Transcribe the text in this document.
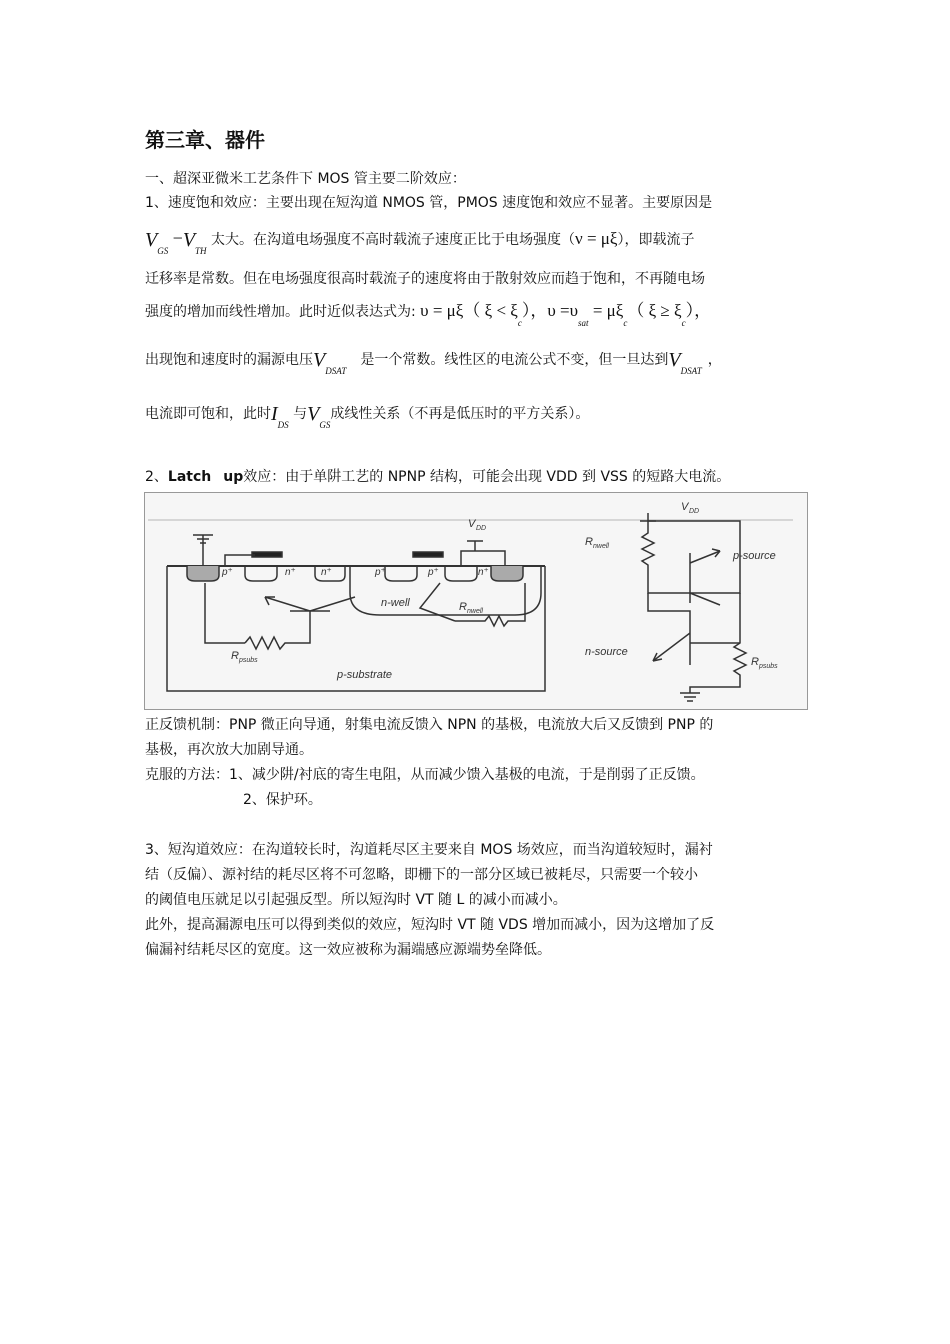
第三章、器件
一、超深亚微米工艺条件下 MOS 管主要二阶效应：
1、速度饱和效应：主要出现在短沟道 NMOS 管，PMOS 速度饱和效应不显著。主要原因是
$V_{GS} -V_{TH}$ 太大。在沟道电场强度不高时载流子速度正比于电场强度（ν = μξ），即载流子
迁移率是常数。但在电场强度很高时载流子的速度将由于散射效应而趋于饱和，不再随电场
强度的增加而线性增加。此时近似表达式为: υ = μξ（ $\xi < \xi_c$），$\upsilon =\upsilon_{sat} = \mu\xi_c$（ $\xi \ge \xi_c$），
出现饱和速度时的漏源电压$V_{DSAT}$是一个常数。线性区的电流公式不变，但一旦达到$V_{DSAT}$，
电流即可饱和，此时$I_{DS}$ 与$V_{GS}$成线性关系（不再是低压时的平方关系）。
2、Latch up效应：由于单阱工艺的 NPNP 结构，可能会出现 VDD 到 VSS 的短路大电流。
p⁺	n⁺	n⁺	p⁺	p⁺	n⁺
V DD
n-well	R nwell
R psubs
p-substrate
V DD
R nwell
p-source
n-source
R psubs
正反馈机制：PNP 微正向导通，射集电流反馈入 NPN 的基极，电流放大后又反馈到 PNP 的
基极，再次放大加剧导通。
克服的方法：1、减少阱/衬底的寄生电阻，从而减少馈入基极的电流，于是削弱了正反馈。
2、保护环。
3、短沟道效应：在沟道较长时，沟道耗尽区主要来自 MOS 场效应，而当沟道较短时，漏衬
结（反偏）、源衬结的耗尽区将不可忽略，即栅下的一部分区域已被耗尽，只需要一个较小
的阈值电压就足以引起强反型。所以短沟时 VT 随 L 的减小而减小。
此外，提高漏源电压可以得到类似的效应，短沟时 VT 随 VDS 增加而减小，因为这增加了反
偏漏衬结耗尽区的宽度。这一效应被称为漏端感应源端势垒降低。
